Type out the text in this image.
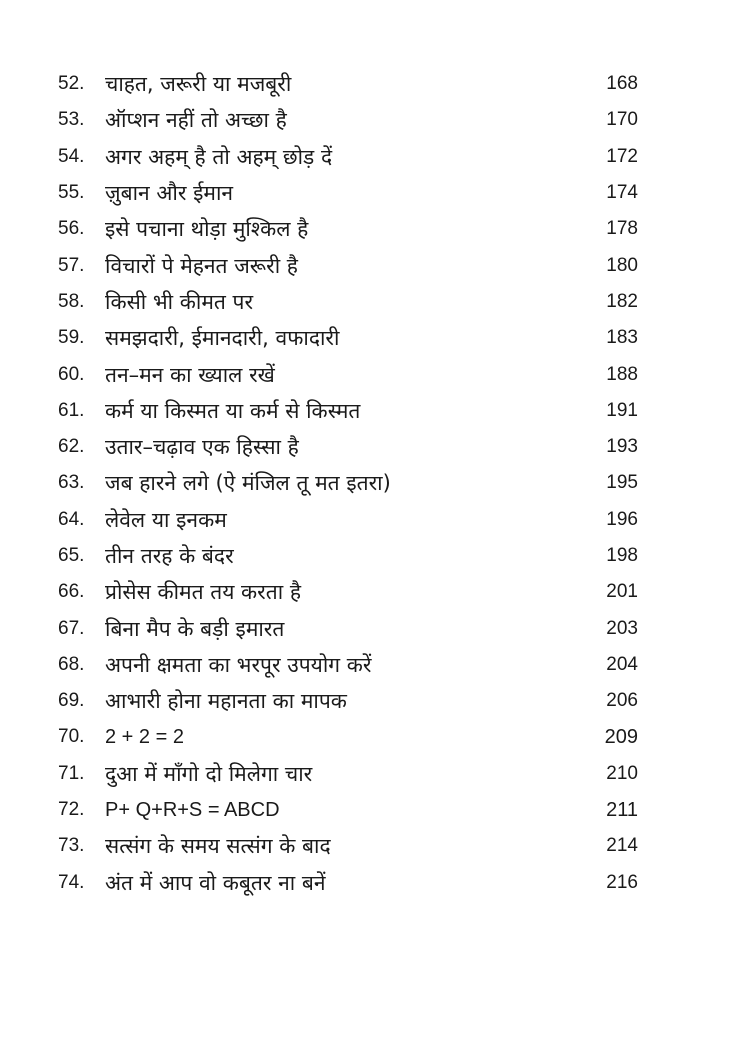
52. चाहत, जरूरी या मजबूरी	168
53. ऑप्शन नहीं तो अच्छा है	170
54. अगर अहम् है तो अहम् छोड़ दें	172
55. ज़ुबान और ईमान	174
56. इसे पचाना थोड़ा मुश्किल है	178
57. विचारों पे मेहनत जरूरी है	180
58. किसी भी कीमत पर	182
59. समझदारी, ईमानदारी, वफादारी	183
60. तन–मन का ख्याल रखें	188
61. कर्म या किस्मत या कर्म से किस्मत	191
62. उतार–चढ़ाव एक हिस्सा है	193
63. जब हारने लगे (ऐ मंजिल तू मत इतरा)	195
64. लेवेल या इनकम	196
65. तीन तरह के बंदर	198
66. प्रोसेस कीमत तय करता है	201
67. बिना मैप के बड़ी इमारत	203
68. अपनी क्षमता का भरपूर उपयोग करें	204
69. आभारी होना महानता का मापक	206
70.	2 + 2 = 2	209
71. दुआ में माँगो दो मिलेगा चार	210
72.	P+ Q+R+S = ABCD	211
73. सत्संग के समय सत्संग के बाद	214
74. अंत में आप वो कबूतर ना बनें	216
